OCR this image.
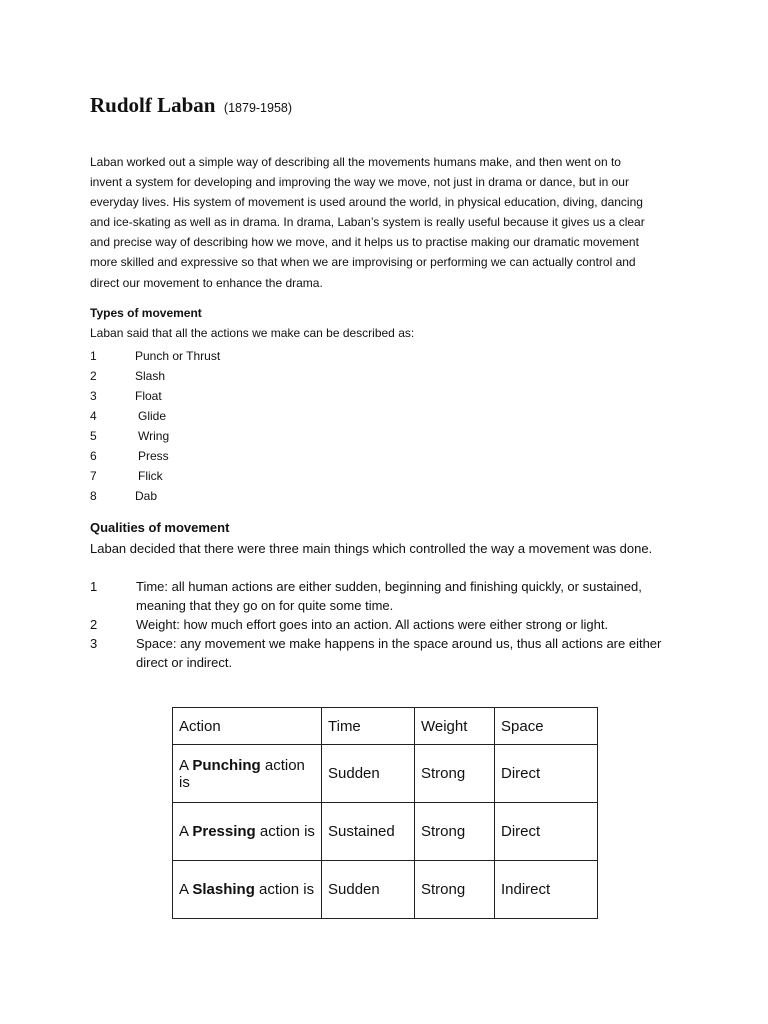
Rudolf Laban (1879-1958)
Laban worked out a simple way of describing all the movements humans make, and then went on to
invent a system for developing and improving the way we move, not just in drama or dance, but in our
everyday lives. His system of movement is used around the world, in physical education, diving, dancing
and ice-skating as well as in drama. In drama, Laban’s system is really useful because it gives us a clear
and precise way of describing how we move, and it helps us to practise making our dramatic movement
more skilled and expressive so that when we are improvising or performing we can actually control and
direct our movement to enhance the drama.
Types of movement
Laban said that all the actions we make can be described as:
1	Punch or Thrust
2	Slash
3	Float
4	Glide
5	Wring
6	Press
7	Flick
8	Dab
Qualities of movement
Laban decided that there were three main things which controlled the way a movement was done.
1	Time: all human actions are either sudden, beginning and finishing quickly, or sustained, meaning that they go on for quite some time.
2	Weight: how much effort goes into an action. All actions were either strong or light.
3	Space: any movement we make happens in the space around us, thus all actions are either direct or indirect.
Action	Time	Weight	Space
A Punching action is	Sudden	Strong	Direct
A Pressing action is	Sustained	Strong	Direct
A Slashing action is	Sudden	Strong	Indirect
